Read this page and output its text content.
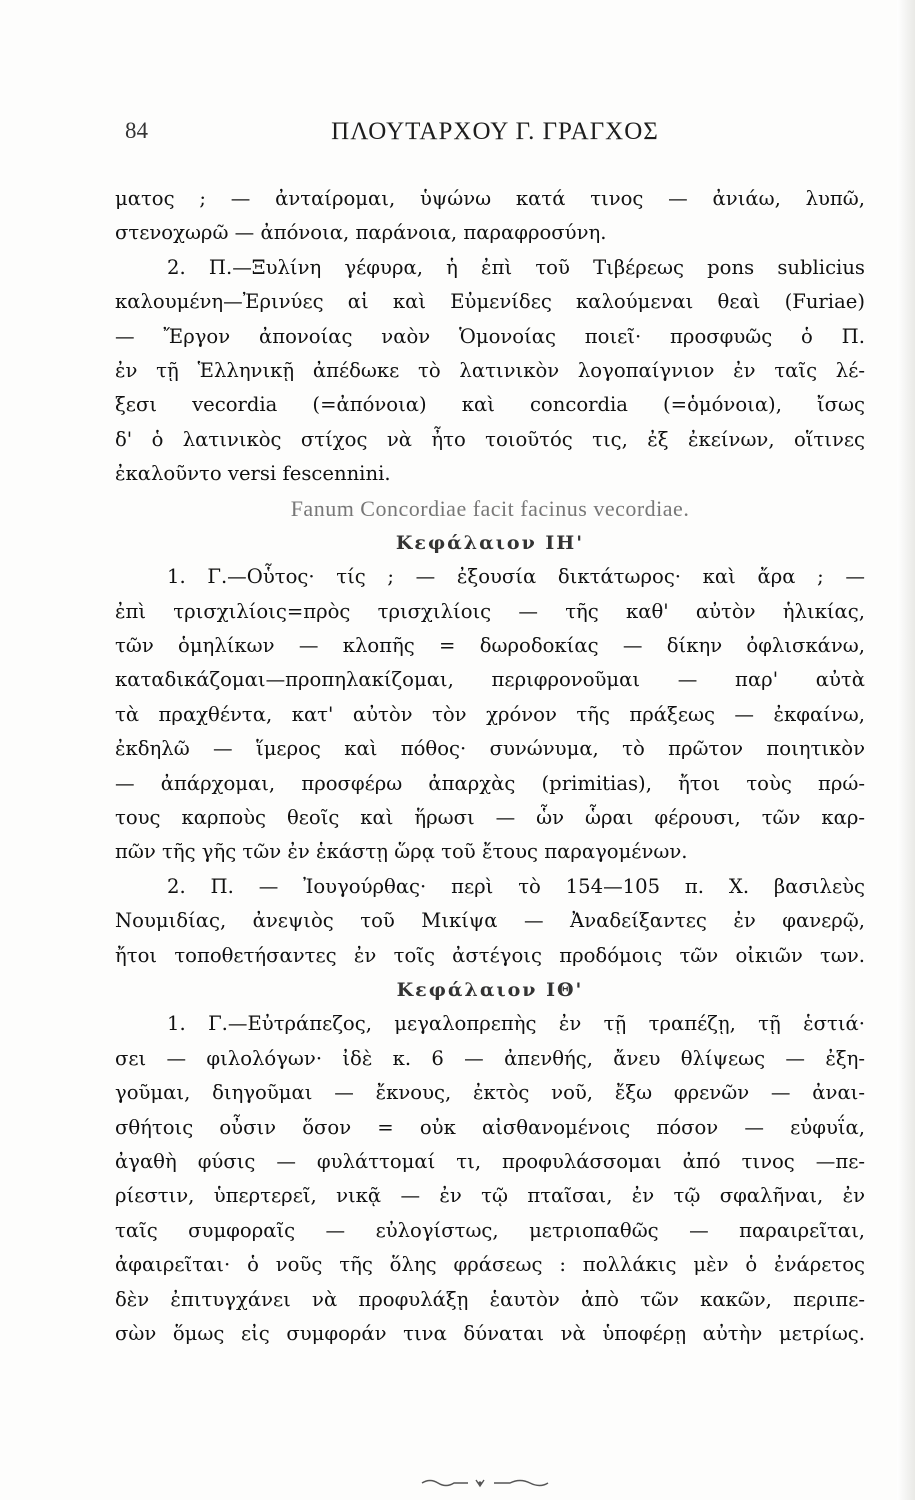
84	ΠΛΟΥΤΑΡΧΟΥ Γ. ΓΡΑΓΧΟΣ
ματος ; — ἀνταίρομαι, ὑψώνω κατά τινος — ἀνιάω, λυπῶ,
στενοχωρῶ — ἀπόνοια, παράνοια, παραφροσύνη.
2. Π.—Ξυλίνη γέφυρα, ἡ ἐπὶ τοῦ Τιβέρεως pons sublicius
καλουμένη—Ἐρινύες αἱ καὶ Εὐμενίδες καλούμεναι θεαὶ (Furiae)
— Ἔργον ἀπονοίας ναὸν Ὁμονοίας ποιεῖ· προσφυῶς ὁ Π.
ἐν τῇ Ἑλληνικῇ ἀπέδωκε τὸ λατινικὸν λογοπαίγνιον ἐν ταῖς λέ-
ξεσι vecordia (=ἀπόνοια) καὶ concordia (=ὁμόνοια), ἴσως
δ' ὁ λατινικὸς στίχος νὰ ἦτο τοιοῦτός τις, ἐξ ἐκείνων, οἵτινες
ἐκαλοῦντο versi fescennini.
Fanum Concordiae facit facinus vecordiae.
Κεφάλαιον ΙΗ'
1. Γ.—Οὗτος· τίς ; — ἐξουσία δικτάτωρος· καὶ ἄρα ; —
ἐπὶ τρισχιλίοις=πρὸς τρισχιλίοις — τῆς καθ' αὐτὸν ἡλικίας,
τῶν ὁμηλίκων — κλοπῆς = δωροδοκίας — δίκην ὀφλισκάνω,
καταδικάζομαι—προπηλακίζομαι, περιφρονοῦμαι — παρ' αὐτὰ
τὰ πραχθέντα, κατ' αὐτὸν τὸν χρόνον τῆς πράξεως — ἐκφαίνω,
ἐκδηλῶ — ἵμερος καὶ πόθος· συνώνυμα, τὸ πρῶτον ποιητικὸν
— ἀπάρχομαι, προσφέρω ἀπαρχὰς (primitias), ἤτοι τοὺς πρώ-
τους καρποὺς θεοῖς καὶ ἥρωσι — ὧν ὧραι φέρουσι, τῶν καρ-
πῶν τῆς γῆς τῶν ἐν ἑκάστῃ ὥρᾳ τοῦ ἔτους παραγομένων.
2. Π. — Ἰουγούρθας· περὶ τὸ 154—105 π. Χ. βασιλεὺς
Νουμιδίας, ἀνεψιὸς τοῦ Μικίψα — Ἀναδείξαντες ἐν φανερῷ,
ἤτοι τοποθετήσαντες ἐν τοῖς ἀστέγοις προδόμοις τῶν οἰκιῶν των.
Κεφάλαιον ΙΘ'
1. Γ.—Εὐτράπεζος, μεγαλοπρεπὴς ἐν τῇ τραπέζῃ, τῇ ἑστιά·
σει — φιλολόγων· ἰδὲ κ. 6 — ἀπενθής, ἄνευ θλίψεως — ἐξη-
γοῦμαι, διηγοῦμαι — ἔκνους, ἐκτὸς νοῦ, ἔξω φρενῶν — ἀναι-
σθήτοις οὖσιν ὅσον = οὐκ αἰσθανομένοις πόσον — εὐφυΐα,
ἀγαθὴ φύσις — φυλάττομαί τι, προφυλάσσομαι ἀπό τινος —πε-
ρίεστιν, ὑπερτερεῖ, νικᾷ — ἐν τῷ πταῖσαι, ἐν τῷ σφαλῆναι, ἐν
ταῖς συμφοραῖς — εὐλογίστως, μετριοπαθῶς — παραιρεῖται,
ἀφαιρεῖται· ὁ νοῦς τῆς ὅλης φράσεως : πολλάκις μὲν ὁ ἐνάρετος
δὲν ἐπιτυγχάνει νὰ προφυλάξῃ ἑαυτὸν ἀπὸ τῶν κακῶν, περιπε-
σὼν ὅμως εἰς συμφοράν τινα δύναται νὰ ὑποφέρῃ αὐτὴν μετρίως.
